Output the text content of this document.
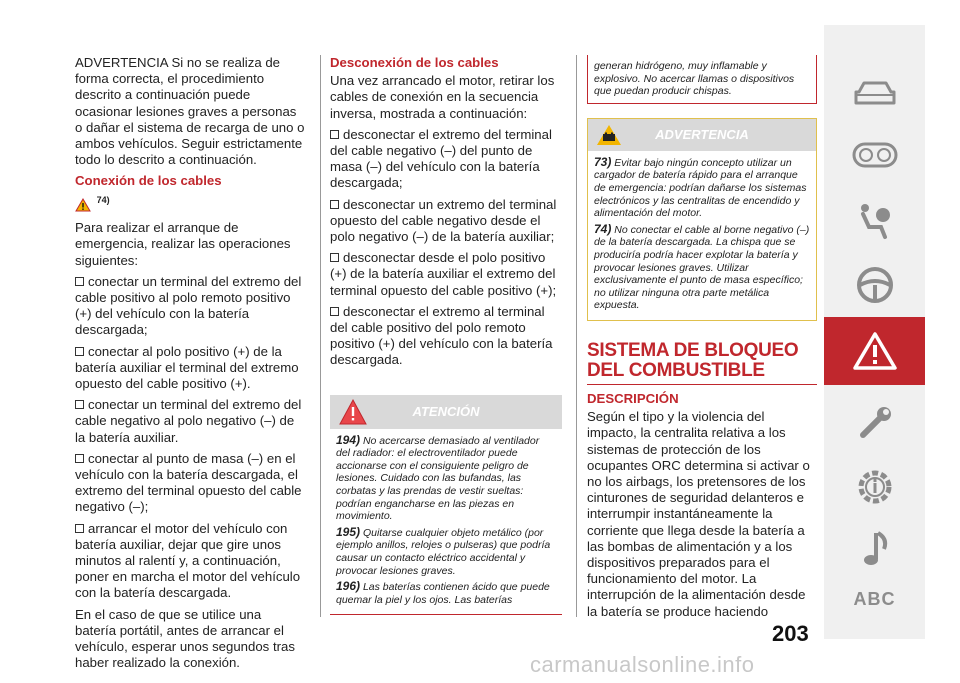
ADVERTENCIA Si no se realiza de forma correcta, el procedimiento descrito a continuación puede ocasionar lesiones graves a personas o dañar el sistema de recarga de uno o ambos vehículos. Seguir estrictamente todo lo descrito a continuación.

Conexión de los cables
$^{74)}$

Para realizar el arranque de emergencia, realizar las operaciones siguientes:

conectar un terminal del extremo del cable positivo al polo remoto positivo (+) del vehículo con la batería descargada;

conectar al polo positivo (+) de la batería auxiliar el terminal del extremo opuesto del cable positivo (+).

conectar un terminal del extremo del cable negativo al polo negativo (–) de la batería auxiliar.

conectar al punto de masa (–) en el vehículo con la batería descargada, el extremo del terminal opuesto del cable negativo (–);

arrancar el motor del vehículo con batería auxiliar, dejar que gire unos minutos al ralentí y, a continuación, poner en marcha el motor del vehículo con la batería descargada.

En el caso de que se utilice una batería portátil, antes de arrancar el vehículo, esperar unos segundos tras haber realizado la conexión.

Desconexión de los cables

Una vez arrancado el motor, retirar los cables de conexión en la secuencia inversa, mostrada a continuación:

desconectar el extremo del terminal del cable negativo (–) del punto de masa (–) del vehículo con la batería descargada;

desconectar un extremo del terminal opuesto del cable negativo desde el polo negativo (–) de la batería auxiliar;

desconectar desde el polo positivo (+) de la batería auxiliar el extremo del terminal opuesto del cable positivo (+);

desconectar el extremo al terminal del cable positivo del polo remoto positivo (+) del vehículo con la batería descargada.

ATENCIÓN

194) No acercarse demasiado al ventilador del radiador: el electroventilador puede accionarse con el consiguiente peligro de lesiones. Cuidado con las bufandas, las corbatas y las prendas de vestir sueltas: podrían engancharse en las piezas en movimiento.

195) Quitarse cualquier objeto metálico (por ejemplo anillos, relojes o pulseras) que podría causar un contacto eléctrico accidental y provocar lesiones graves.

196) Las baterías contienen ácido que puede quemar la piel y los ojos. Las baterías

generan hidrógeno, muy inflamable y explosivo. No acercar llamas o dispositivos que puedan producir chispas.
ADVERTENCIA

73) Evitar bajo ningún concepto utilizar un cargador de batería rápido para el arranque de emergencia: podrían dañarse los sistemas electrónicos y las centralitas de encendido y alimentación del motor.

74) No conectar el cable al borne negativo (–) de la batería descargada. La chispa que se produciría podría hacer explotar la batería y provocar lesiones graves. Utilizar exclusivamente el punto de masa específico; no utilizar ninguna otra parte metálica expuesta.

SISTEMA DE BLOQUEO DEL COMBUSTIBLE
DESCRIPCIÓN

Según el tipo y la violencia del impacto, la centralita relativa a los sistemas de protección de los ocupantes ORC determina si activar o no los airbags, los pretensores de los cinturones de seguridad delanteros e interrumpir instantáneamente la corriente que llega desde la batería a las bombas de alimentación y a los dispositivos preparados para el funcionamiento del motor. La interrupción de la alimentación desde la batería se produce haciendo

203
ABC
carmanualsonline.info
